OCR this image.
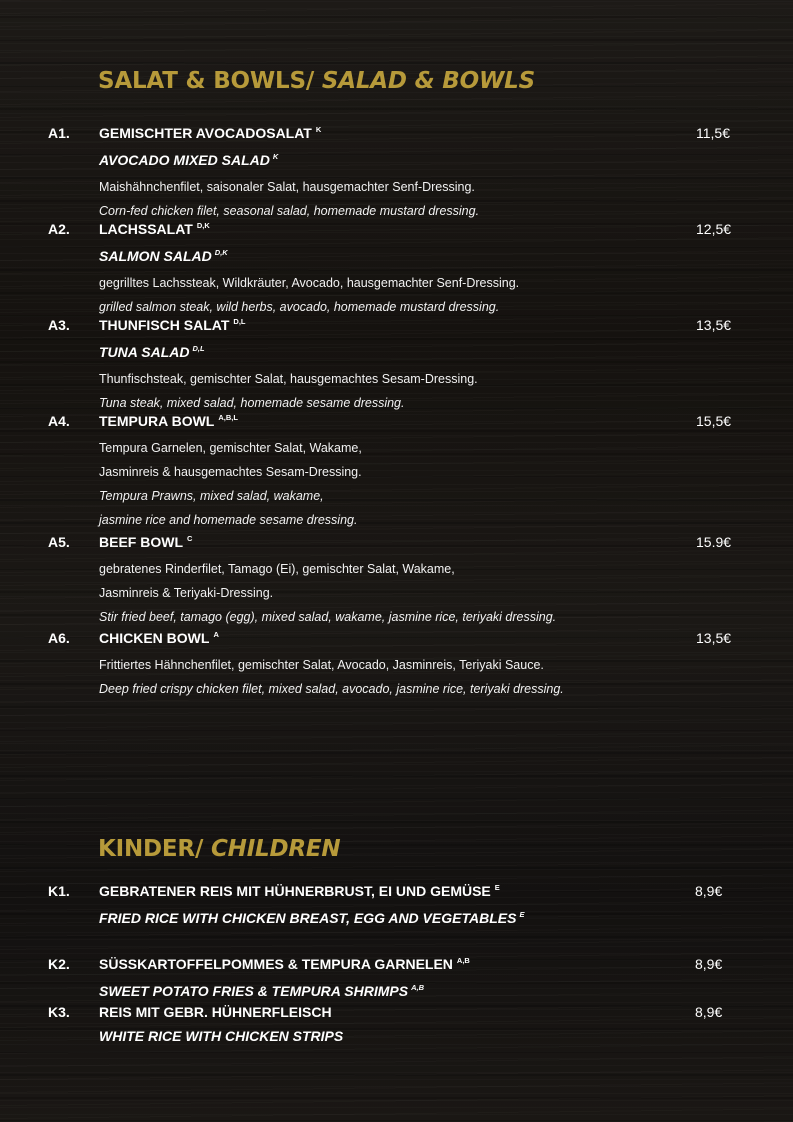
SALAT & BOWLS/ SALAD & BOWLS
A1.	11,5€
GEMISCHTER AVOCADOSALAT $^K$
AVOCADO MIXED SALAD $^K$
Maishähnchenfilet, saisonaler Salat, hausgemachter Senf-Dressing.
Corn-fed chicken filet, seasonal salad, homemade mustard dressing.
A2.	12,5€
LACHSSALAT $^{D,K}$
SALMON SALAD $^{D,K}$
gegrilltes Lachssteak, Wildkräuter, Avocado, hausgemachter Senf-Dressing.
grilled salmon steak, wild herbs, avocado, homemade mustard dressing.
A3.	13,5€
THUNFISCH SALAT $^{D,L}$
TUNA SALAD $^{D,L}$
Thunfischsteak, gemischter Salat, hausgemachtes Sesam-Dressing.
Tuna steak, mixed salad, homemade sesame dressing.
A4.	15,5€
TEMPURA BOWL $^{A,B,L}$
Tempura Garnelen, gemischter Salat, Wakame,
Jasminreis & hausgemachtes Sesam-Dressing.
Tempura Prawns, mixed salad, wakame,
jasmine rice and homemade sesame dressing.
A5.	15.9€
BEEF BOWL $^C$
gebratenes Rinderfilet, Tamago (Ei), gemischter Salat, Wakame,
Jasminreis & Teriyaki-Dressing.
Stir fried beef, tamago (egg), mixed salad, wakame, jasmine rice, teriyaki dressing.
A6.	13,5€
CHICKEN BOWL $^A$
Frittiertes Hähnchenfilet, gemischter Salat, Avocado, Jasminreis, Teriyaki Sauce.
Deep fried crispy chicken filet, mixed salad, avocado, jasmine rice, teriyaki dressing.
KINDER/ CHILDREN
K1.	8,9€
GEBRATENER REIS MIT HÜHNERBRUST, EI UND GEMÜSE $^E$
FRIED RICE WITH CHICKEN BREAST, EGG AND VEGETABLES $^E$
K2.	8,9€
SÜSSKARTOFFELPOMMES & TEMPURA GARNELEN $^{A,B}$
SWEET POTATO FRIES & TEMPURA SHRIMPS $^{A,B}$
K3.	8,9€
REIS MIT GEBR. HÜHNERFLEISCH
WHITE RICE WITH CHICKEN STRIPS
